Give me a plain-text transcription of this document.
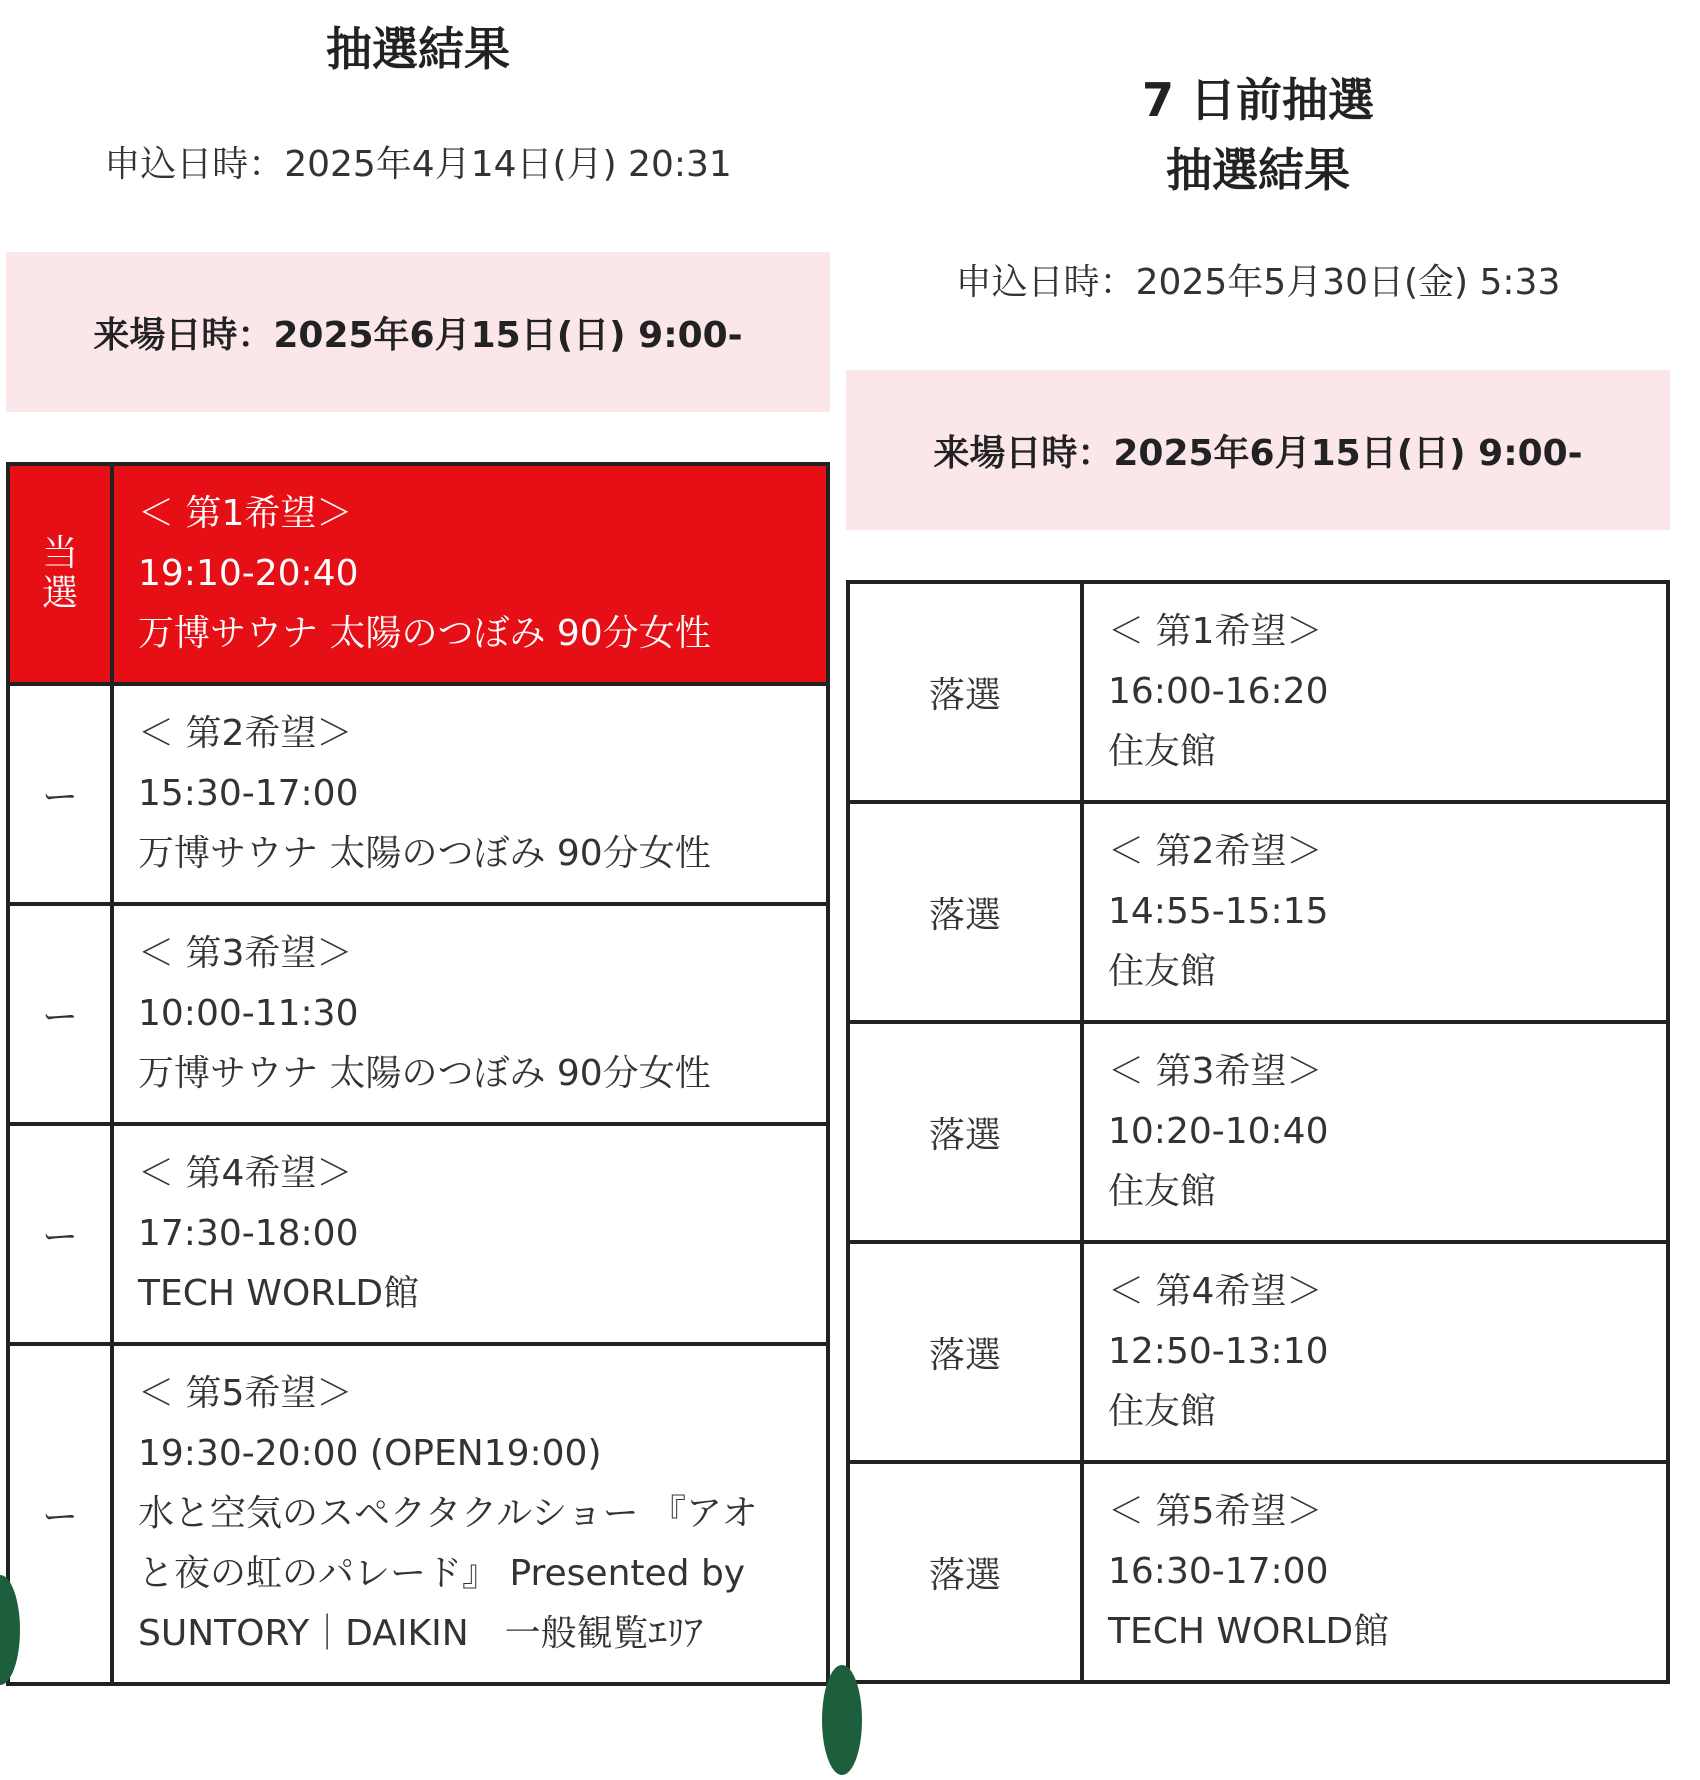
抽選結果
申込日時：2025年4月14日(月) 20:31
来場日時：2025年6月15日(日) 9:00-
当選	＜ 第1希望＞
19:10-20:40
万博サウナ 太陽のつぼみ 90分女性

ー	＜ 第2希望＞
15:30-17:00
万博サウナ 太陽のつぼみ 90分女性

ー	＜ 第3希望＞
10:00-11:30
万博サウナ 太陽のつぼみ 90分女性

ー	＜ 第4希望＞
17:30-18:00
TECH WORLD館

ー	＜ 第5希望＞
19:30-20:00 (OPEN19:00)
水と空気のスペクタクルショー 『アオ
と夜の虹のパレード』 Presented by
SUNTORY｜DAIKIN　一般観覧ｴﾘｱ
7 日前抽選
抽選結果
申込日時：2025年5月30日(金) 5:33
来場日時：2025年6月15日(日) 9:00-
落選	＜ 第1希望＞
16:00-16:20
住友館

落選	＜ 第2希望＞
14:55-15:15
住友館

落選	＜ 第3希望＞
10:20-10:40
住友館

落選	＜ 第4希望＞
12:50-13:10
住友館

落選	＜ 第5希望＞
16:30-17:00
TECH WORLD館
